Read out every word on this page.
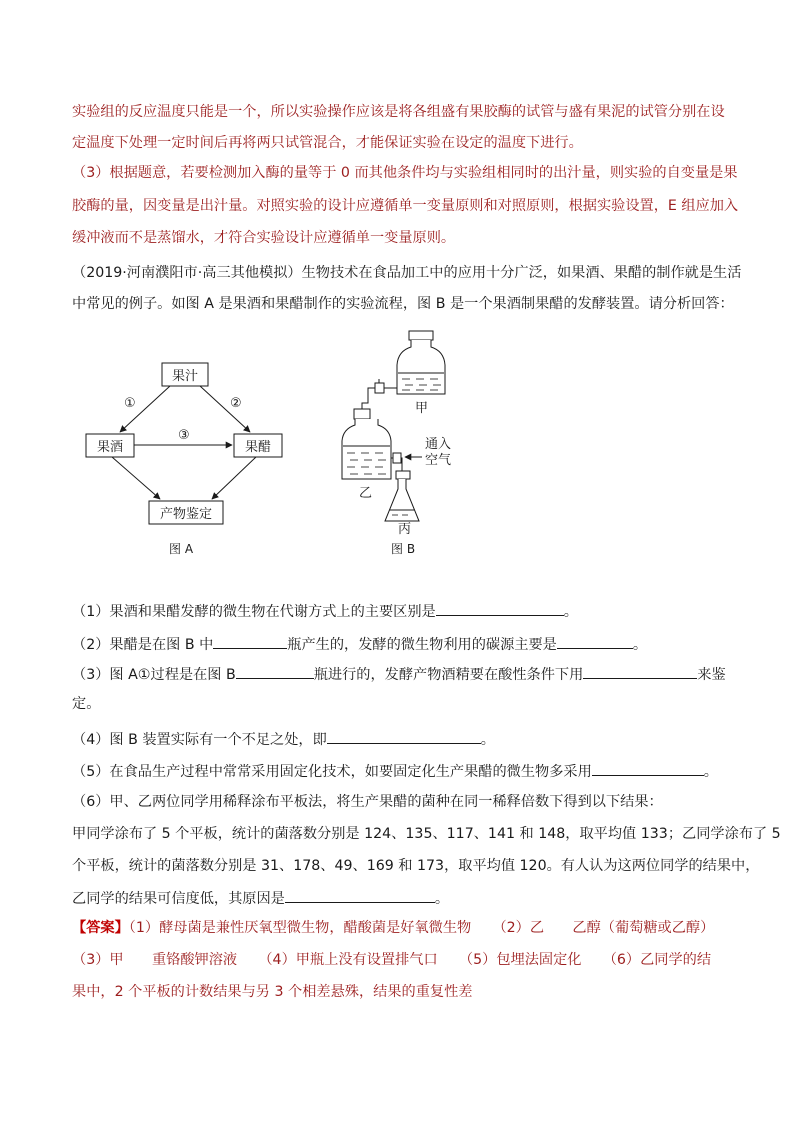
实验组的反应温度只能是一个，所以实验操作应该是将各组盛有果胶酶的试管与盛有果泥的试管分别在设
定温度下处理一定时间后再将两只试管混合，才能保证实验在设定的温度下进行。
（3）根据题意，若要检测加入酶的量等于 0 而其他条件均与实验组相同时的出汁量，则实验的自变量是果
胶酶的量，因变量是出汁量。对照实验的设计应遵循单一变量原则和对照原则，根据实验设置，E 组应加入
缓冲液而不是蒸馏水，才符合实验设计应遵循单一变量原则。
（2019·河南濮阳市·高三其他模拟）生物技术在食品加工中的应用十分广泛，如果酒、果醋的制作就是生活
中常见的例子。如图 A 是果酒和果醋制作的实验流程，图 B 是一个果酒制果醋的发酵装置。请分析回答：
果汁
果酒	果醋
产物鉴定
①	②
③
图 A
甲
乙
丙
通入
空气
图 B
（1）果酒和果醋发酵的微生物在代谢方式上的主要区别是	。
（2）果醋是在图 B 中	瓶产生的，发酵的微生物利用的碳源主要是	。
（3）图 A①过程是在图 B	瓶进行的，发酵产物酒精要在酸性条件下用	来鉴
定。
（4）图 B 装置实际有一个不足之处，即	。
（5）在食品生产过程中常常采用固定化技术，如要固定化生产果醋的微生物多采用	。
（6）甲、乙两位同学用稀释涂布平板法，将生产果醋的菌种在同一稀释倍数下得到以下结果：
甲同学涂布了 5 个平板，统计的菌落数分别是 124、135、117、141 和 148，取平均值 133；乙同学涂布了 5
个平板，统计的菌落数分别是 31、178、49、169 和 173，取平均值 120。有人认为这两位同学的结果中，
乙同学的结果可信度低，其原因是	。
【答案】（1）酵母菌是兼性厌氧型微生物，醋酸菌是好氧微生物　　（2）乙　　乙醇（葡萄糖或乙醇）
（3）甲　　重铬酸钾溶液　　（4）甲瓶上没有设置排气口　　（5）包埋法固定化　　（6）乙同学的结
果中，2 个平板的计数结果与另 3 个相差悬殊，结果的重复性差
